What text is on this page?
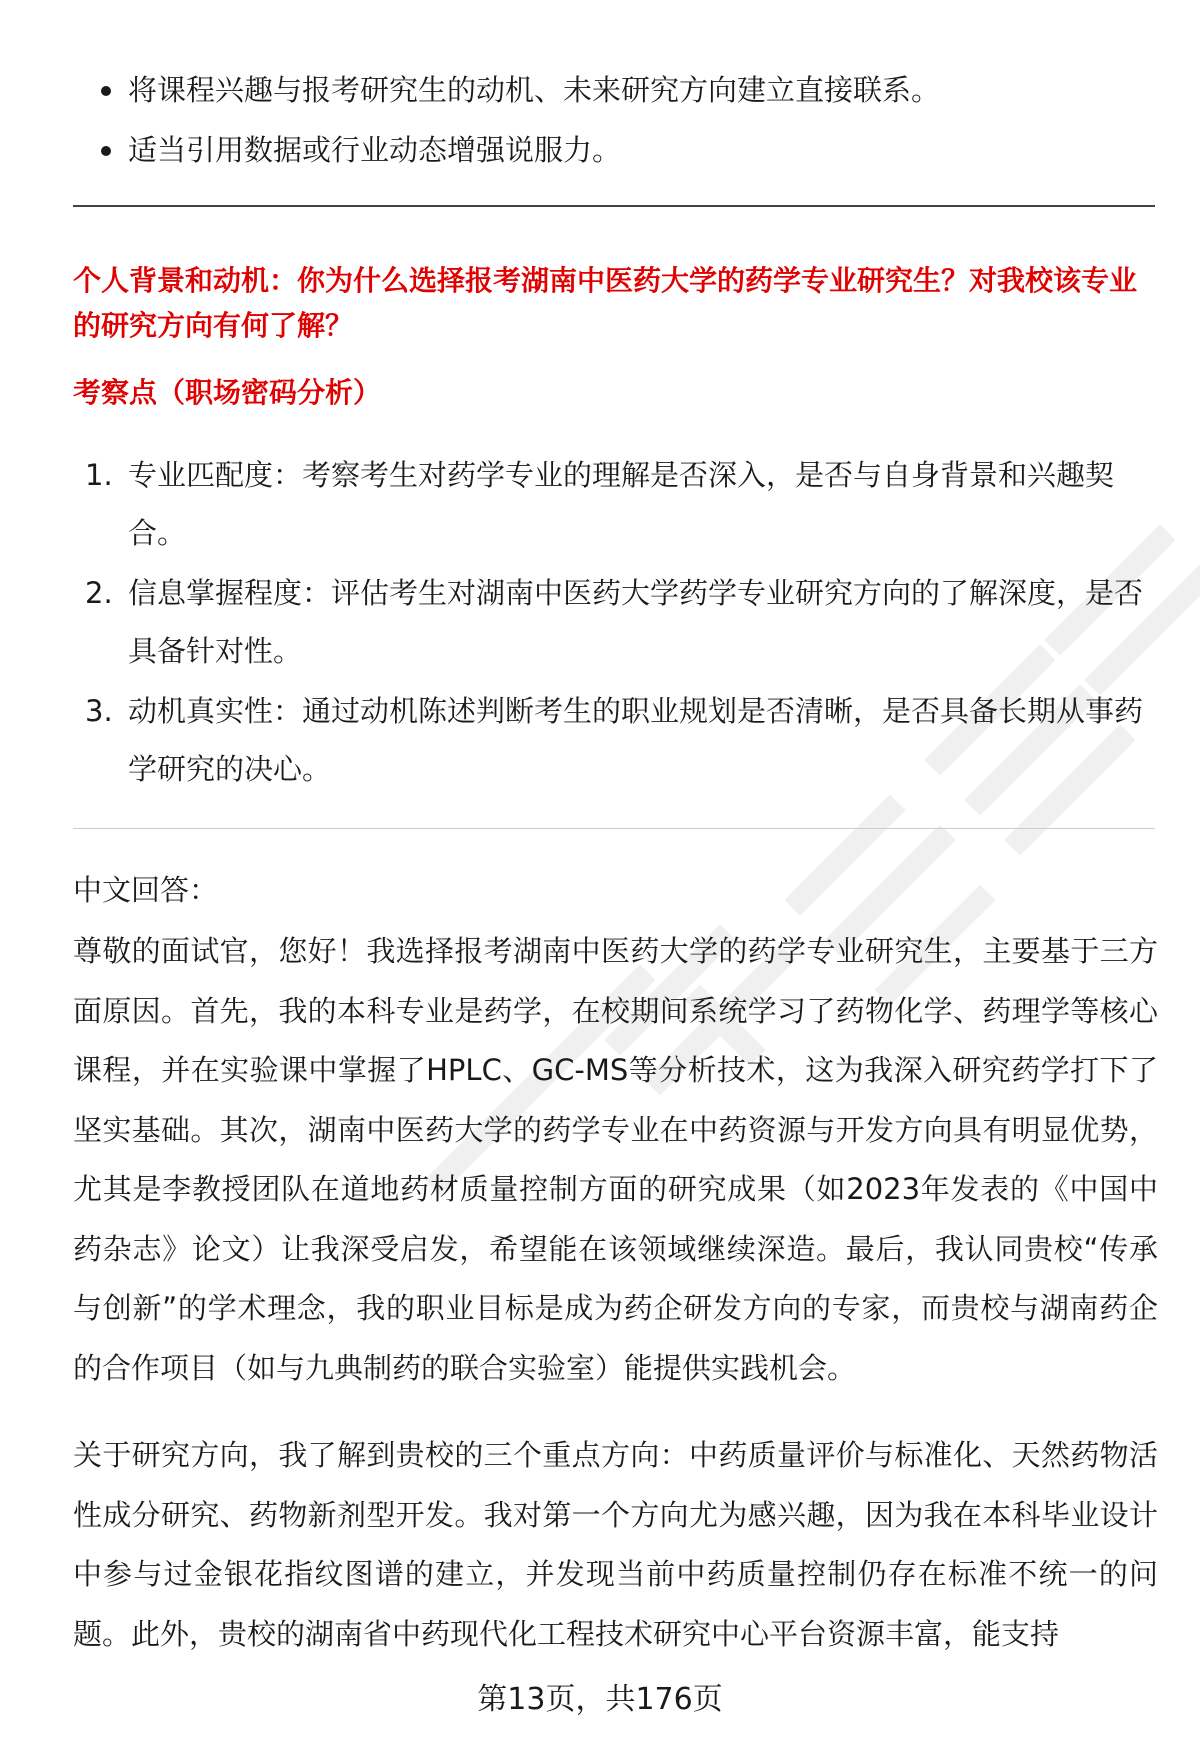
将课程兴趣与报考研究生的动机、未来研究方向建立直接联系。
适当引用数据或行业动态增强说服力。
个人背景和动机：你为什么选择报考湖南中医药大学的药学专业研究生？对我校该专业的研究方向有何了解？
考察点（职场密码分析）
1. 专业匹配度：考察考生对药学专业的理解是否深入，是否与自身背景和兴趣契合。
2. 信息掌握程度：评估考生对湖南中医药大学药学专业研究方向的了解深度，是否具备针对性。
3. 动机真实性：通过动机陈述判断考生的职业规划是否清晰，是否具备长期从事药学研究的决心。
中文回答：
尊敬的面试官，您好！我选择报考湖南中医药大学的药学专业研究生，主要基于三方面原因。首先，我的本科专业是药学，在校期间系统学习了药物化学、药理学等核心课程，并在实验课中掌握了HPLC、GC-MS等分析技术，这为我深入研究药学打下了坚实基础。其次，湖南中医药大学的药学专业在中药资源与开发方向具有明显优势，尤其是李教授团队在道地药材质量控制方面的研究成果（如2023年发表的《中国中药杂志》论文）让我深受启发，希望能在该领域继续深造。最后，我认同贵校“传承与创新”的学术理念，我的职业目标是成为药企研发方向的专家，而贵校与湖南药企的合作项目（如与九典制药的联合实验室）能提供实践机会。
关于研究方向，我了解到贵校的三个重点方向：中药质量评价与标准化、天然药物活性成分研究、药物新剂型开发。我对第一个方向尤为感兴趣，因为我在本科毕业设计中参与过金银花指纹图谱的建立，并发现当前中药质量控制仍存在标准不统一的问题。此外，贵校的湖南省中药现代化工程技术研究中心平台资源丰富，能支持
第13页，共176页
